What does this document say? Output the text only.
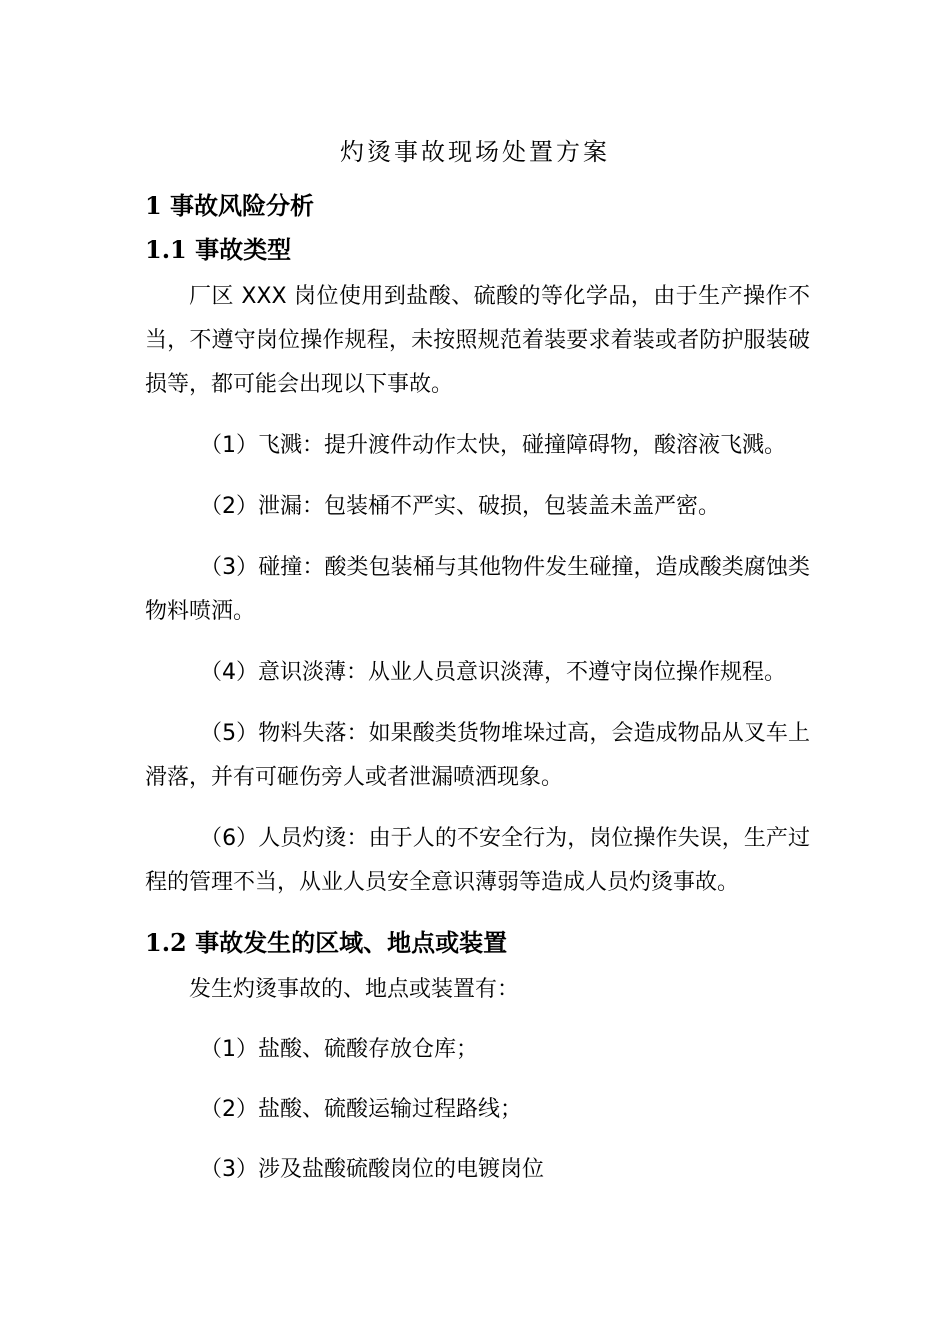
灼烫事故现场处置方案
1 事故风险分析
1.1 事故类型
厂区 XXX 岗位使用到盐酸、硫酸的等化学品，由于生产操作不当，不遵守岗位操作规程，未按照规范着装要求着装或者防护服装破损等，都可能会出现以下事故。
（1）飞溅：提升渡件动作太快，碰撞障碍物，酸溶液飞溅。
（2）泄漏：包装桶不严实、破损，包装盖未盖严密。
（3）碰撞：酸类包装桶与其他物件发生碰撞，造成酸类腐蚀类物料喷洒。
（4）意识淡薄：从业人员意识淡薄，不遵守岗位操作规程。
（5）物料失落：如果酸类货物堆垛过高，会造成物品从叉车上滑落，并有可砸伤旁人或者泄漏喷洒现象。
（6）人员灼烫：由于人的不安全行为，岗位操作失误，生产过程的管理不当，从业人员安全意识薄弱等造成人员灼烫事故。
1.2 事故发生的区域、地点或装置
发生灼烫事故的、地点或装置有：
（1）盐酸、硫酸存放仓库；
（2）盐酸、硫酸运输过程路线；
（3）涉及盐酸硫酸岗位的电镀岗位
